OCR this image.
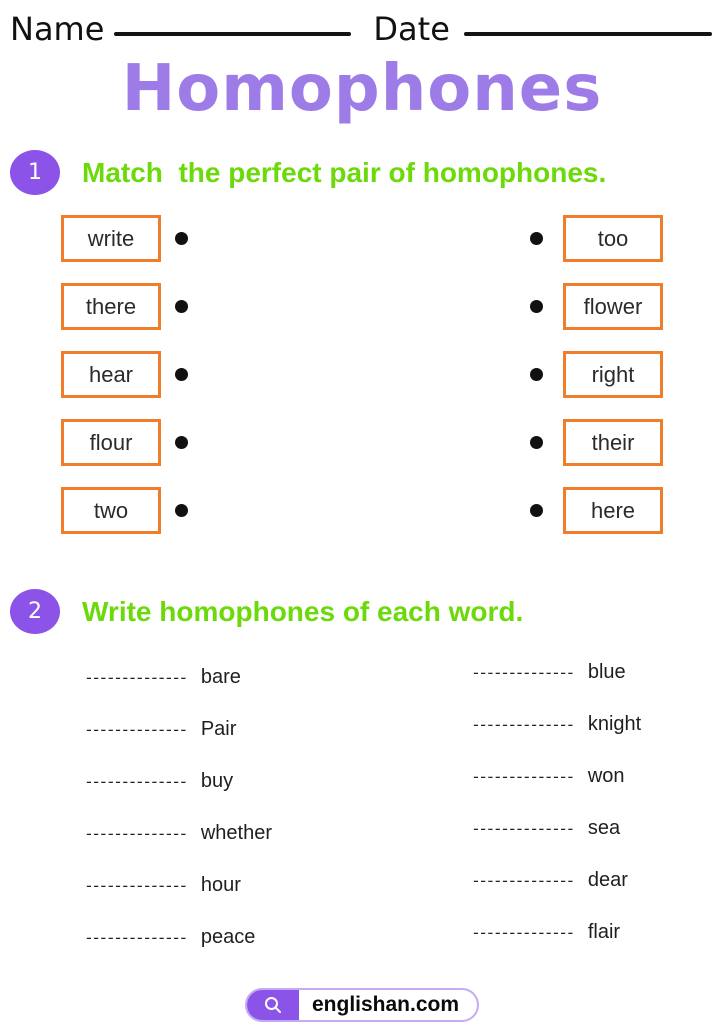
Name	Date
Homophones
1	Match  the perfect pair of homophones.
write
there
hear
flour
two
too
flower
right
their
here
2	Write homophones of each word.
-------------- bare
-------------- Pair
-------------- buy
-------------- whether
-------------- hour
-------------- peace
-------------- blue
-------------- knight
-------------- won
-------------- sea
-------------- dear
-------------- flair
englishan.com
